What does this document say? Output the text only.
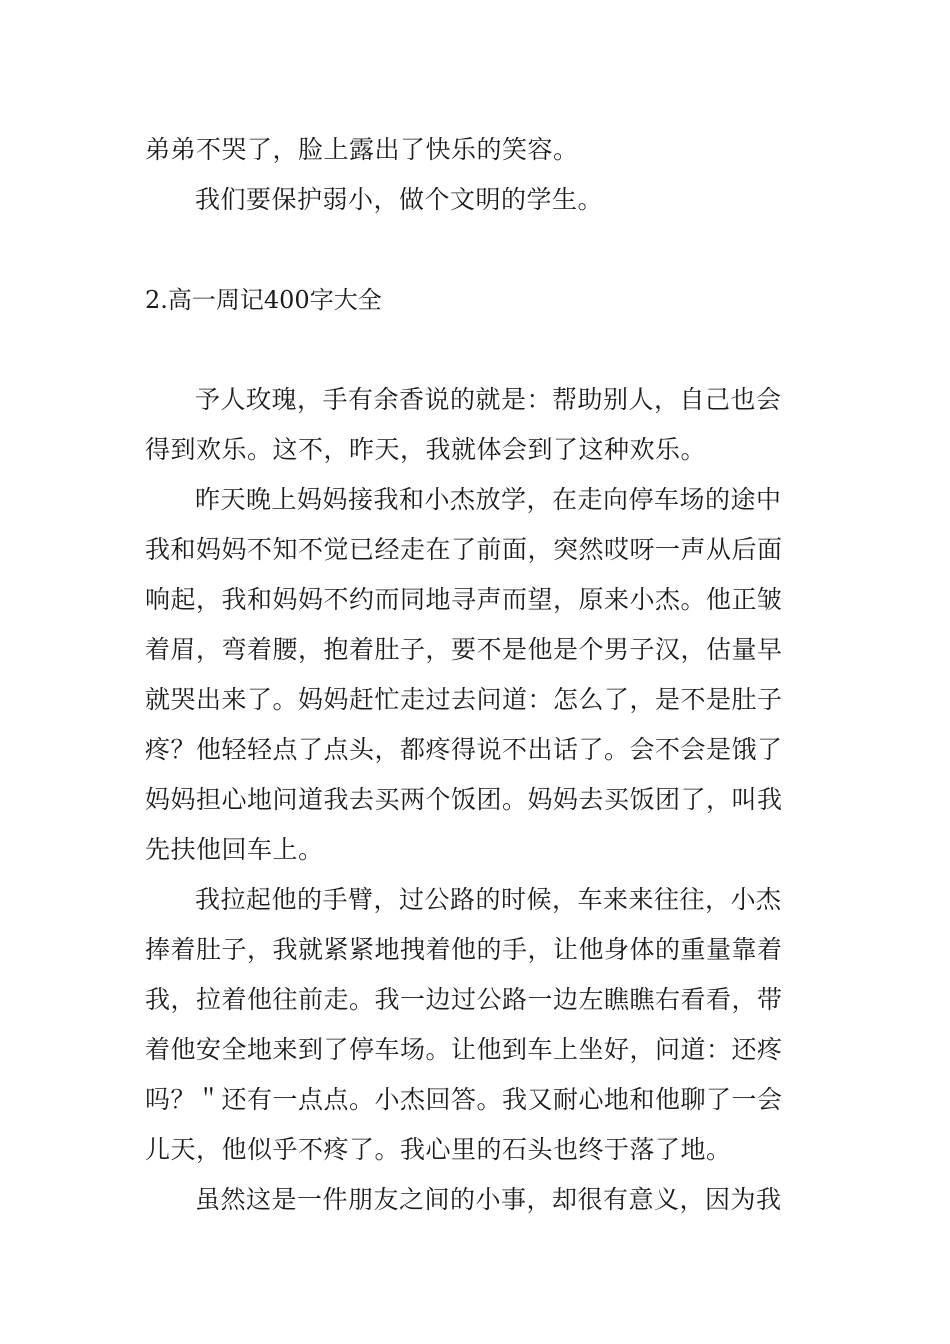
弟弟不哭了，脸上露出了快乐的笑容。
我们要保护弱小，做个文明的学生。
2.高一周记400字大全
予人玫瑰，手有余香说的就是：帮助别人，自己也会
得到欢乐。这不，昨天，我就体会到了这种欢乐。
昨天晚上妈妈接我和小杰放学，在走向停车场的途中
我和妈妈不知不觉已经走在了前面，突然哎呀一声从后面
响起，我和妈妈不约而同地寻声而望，原来小杰。他正皱
着眉，弯着腰，抱着肚子，要不是他是个男子汉，估量早
就哭出来了。妈妈赶忙走过去问道：怎么了，是不是肚子
疼？他轻轻点了点头，都疼得说不出话了。会不会是饿了
妈妈担心地问道我去买两个饭团。妈妈去买饭团了，叫我
先扶他回车上。
我拉起他的手臂，过公路的时候，车来来往往，小杰
捧着肚子，我就紧紧地拽着他的手，让他身体的重量靠着
我，拉着他往前走。我一边过公路一边左瞧瞧右看看，带
着他安全地来到了停车场。让他到车上坐好，问道：还疼
吗？＂还有一点点。小杰回答。我又耐心地和他聊了一会
儿天，他似乎不疼了。我心里的石头也终于落了地。
虽然这是一件朋友之间的小事，却很有意义，因为我
